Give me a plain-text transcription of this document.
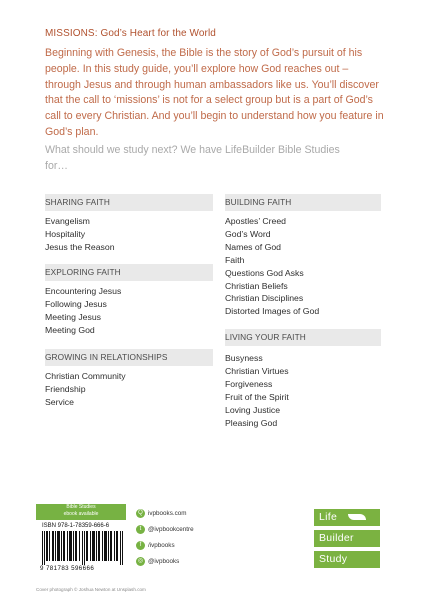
MISSIONS: God’s Heart for the World
Beginning with Genesis, the Bible is the story of God’s pursuit of his people. In this study guide, you’ll explore how God reaches out – through Jesus and through human ambassadors like us. You’ll discover that the call to ‘missions’ is not for a select group but is a part of God’s call to every Christian. And you’ll begin to understand how you feature in God’s plan.
What should we study next? We have LifeBuilder Bible Studies for…
SHARING FAITH
Evangelism
Hospitality
Jesus the Reason
EXPLORING FAITH
Encountering Jesus
Following Jesus
Meeting Jesus
Meeting God
GROWING IN RELATIONSHIPS
Christian Community
Friendship
Service
BUILDING FAITH
Apostles’ Creed
God’s Word
Names of God
Faith
Questions God Asks
Christian Beliefs
Christian Disciplines
Distorted Images of God
LIVING YOUR FAITH
Busyness
Christian Virtues
Forgiveness
Fruit of the Spirit
Loving Justice
Pleasing God
Bible Studies
ebook available
ISBN 978-1-78359-666-6
9 781783 596666
Cover photograph © Joshua Newton at Unsplash.com
Q ivpbooks.com
t @ivpbookcentre
f /ivpbooks
◎ @ivpbooks
Life
Builder
Study
